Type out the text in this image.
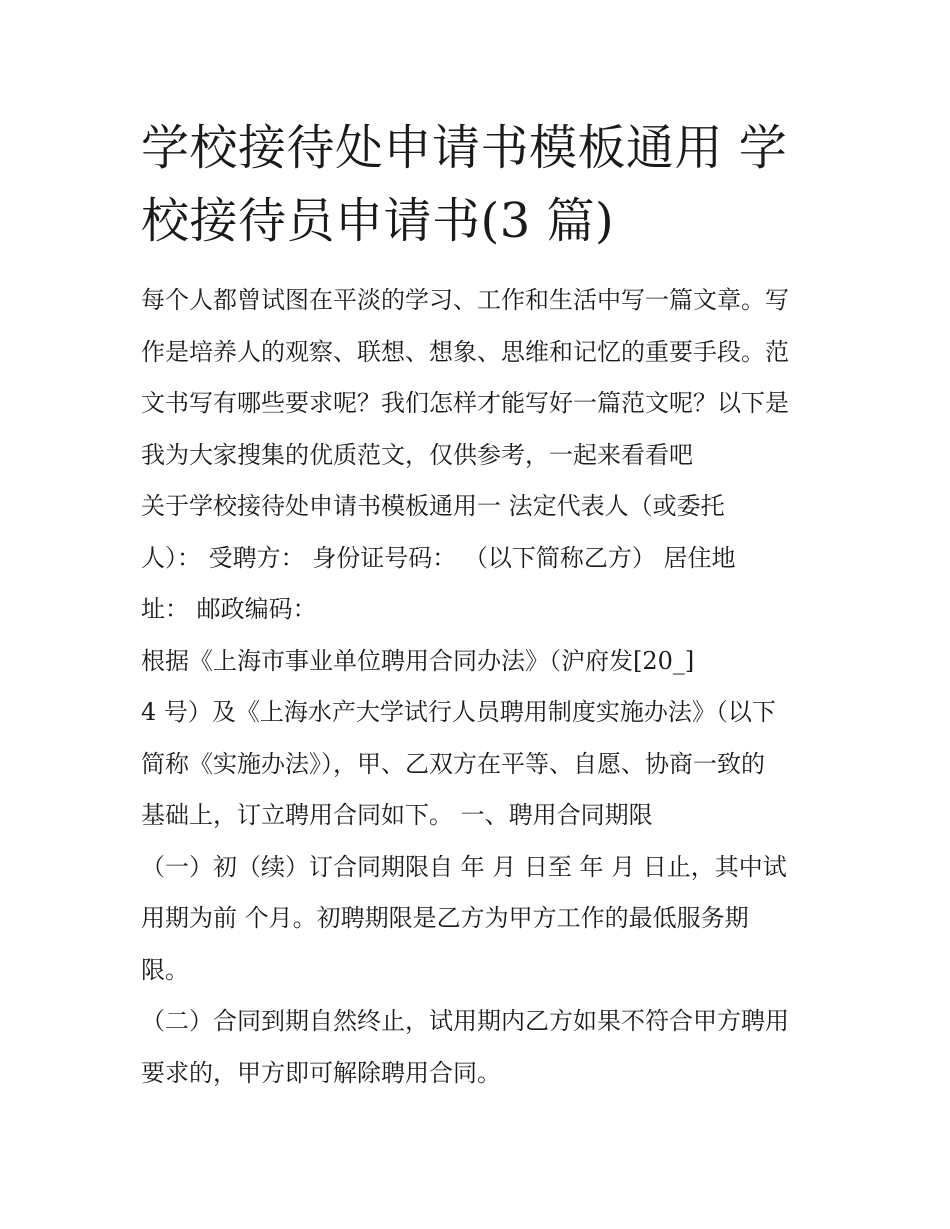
学校接待处申请书模板通用 学
校接待员申请书(3 篇)

每个人都曾试图在平淡的学习、工作和生活中写一篇文章。写

作是培养人的观察、联想、想象、思维和记忆的重要手段。范

文书写有哪些要求呢？我们怎样才能写好一篇范文呢？以下是

我为大家搜集的优质范文，仅供参考，一起来看看吧

关于学校接待处申请书模板通用一 法定代表人（或委托

人）： 受聘方： 身份证号码： （以下简称乙方） 居住地

址： 邮政编码：

根据《上海市事业单位聘用合同办法》（沪府发[20_]

4 号）及《上海水产大学试行人员聘用制度实施办法》（以下

简称《实施办法》），甲、乙双方在平等、自愿、协商一致的

基础上，订立聘用合同如下。 一、聘用合同期限

（一）初（续）订合同期限自 年 月 日至 年 月 日止，其中试

用期为前 个月。初聘期限是乙方为甲方工作的最低服务期

限。

（二）合同到期自然终止，试用期内乙方如果不符合甲方聘用

要求的，甲方即可解除聘用合同。
